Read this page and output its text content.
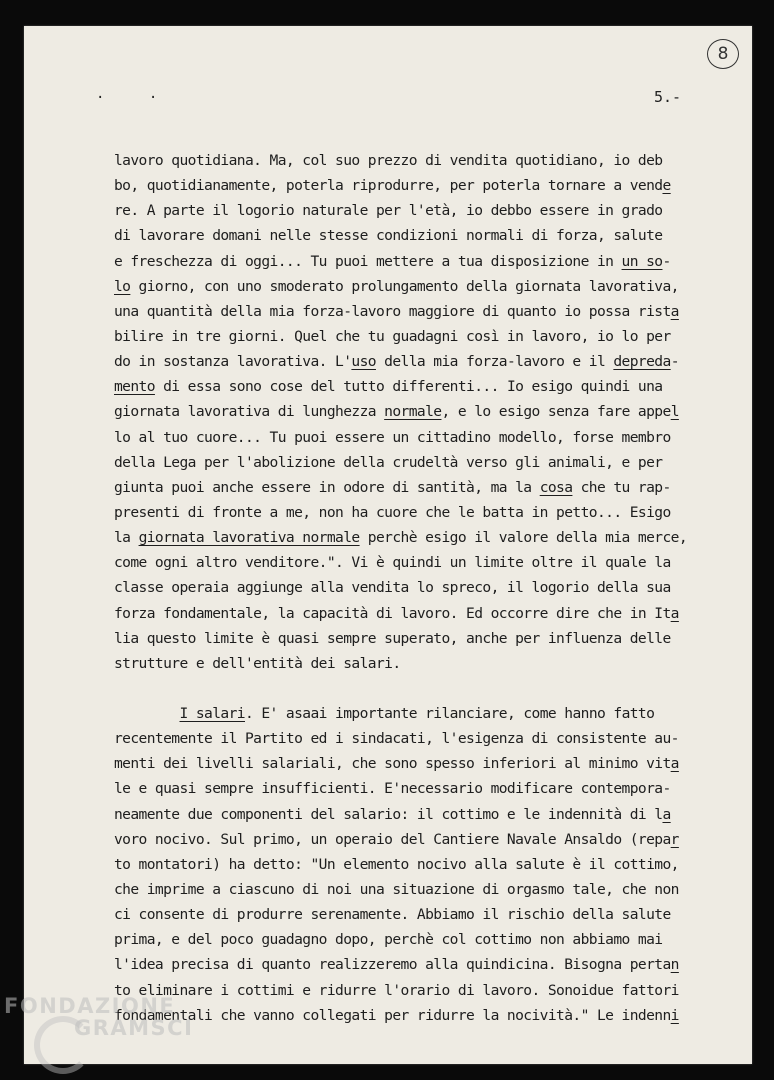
. .
8
5.-
lavoro quotidiana. Ma, col suo prezzo di vendita quotidiano, io deb
bo, quotidianamente, poterla riprodurre, per poterla tornare a vende
re. A parte il logorio naturale per l'età, io debbo essere in grado
di lavorare domani nelle stesse condizioni normali di forza, salute
e freschezza di oggi... Tu puoi mettere a tua disposizione in un so-
lo giorno, con uno smoderato prolungamento della giornata lavorativa,
una quantità della mia forza-lavoro maggiore di quanto io possa rista
bilire in tre giorni. Quel che tu guadagni così in lavoro, io lo per
do in sostanza lavorativa. L'uso della mia forza-lavoro e il depreda-
mento di essa sono cose del tutto differenti... Io esigo quindi una
giornata lavorativa di lunghezza normale, e lo esigo senza fare appel
lo al tuo cuore... Tu puoi essere un cittadino modello, forse membro
della Lega per l'abolizione della crudeltà verso gli animali, e per
giunta puoi anche essere in odore di santità, ma la cosa che tu rap-
presenti di fronte a me, non ha cuore che le batta in petto... Esigo
la giornata lavorativa normale perchè esigo il valore della mia merce,
come ogni altro venditore.". Vi è quindi un limite oltre il quale la
classe operaia aggiunge alla vendita lo spreco, il logorio della sua
forza fondamentale, la capacità di lavoro. Ed occorre dire che in Ita
lia questo limite è quasi sempre superato, anche per influenza delle
strutture e dell'entità dei salari.
I salari. E' asaai importante rilanciare, come hanno fatto
recentemente il Partito ed i sindacati, l'esigenza di consistente au-
menti dei livelli salariali, che sono spesso inferiori al minimo vita
le e quasi sempre insufficienti. E'necessario modificare contempora-
neamente due componenti del salario: il cottimo e le indennità di la
voro nocivo. Sul primo, un operaio del Cantiere Navale Ansaldo (repar
to montatori) ha detto: "Un elemento nocivo alla salute è il cottimo,
che imprime a ciascuno di noi una situazione di orgasmo tale, che non
ci consente di produrre serenamente. Abbiamo il rischio della salute
prima, e del poco guadagno dopo, perchè col cottimo non abbiamo mai
l'idea precisa di quanto realizzeremo alla quindicina. Bisogna pertan
to eliminare i cottimi e ridurre l'orario di lavoro. Sonoidue fattori
fondamentali che vanno collegati per ridurre la nocività." Le indenni
FONDAZIONE
GRAMSCI
